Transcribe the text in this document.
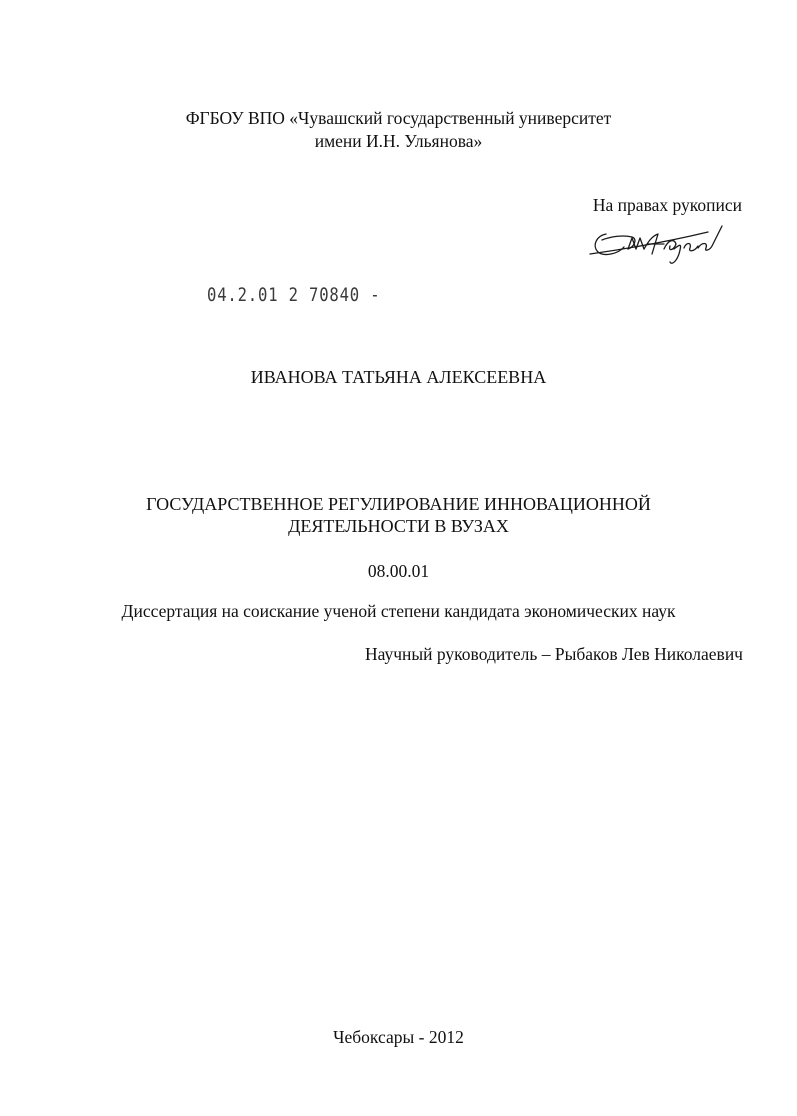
ФГБОУ ВПО «Чувашский государственный университет
имени И.Н. Ульянова»
На правах рукописи
04.2.01 2 70840 -
ИВАНОВА ТАТЬЯНА АЛЕКСЕЕВНА
ГОСУДАРСТВЕННОЕ РЕГУЛИРОВАНИЕ ИННОВАЦИОННОЙ
ДЕЯТЕЛЬНОСТИ В ВУЗАХ
08.00.01
Диссертация на соискание ученой степени кандидата экономических наук
Научный руководитель – Рыбаков Лев Николаевич
Чебоксары - 2012
